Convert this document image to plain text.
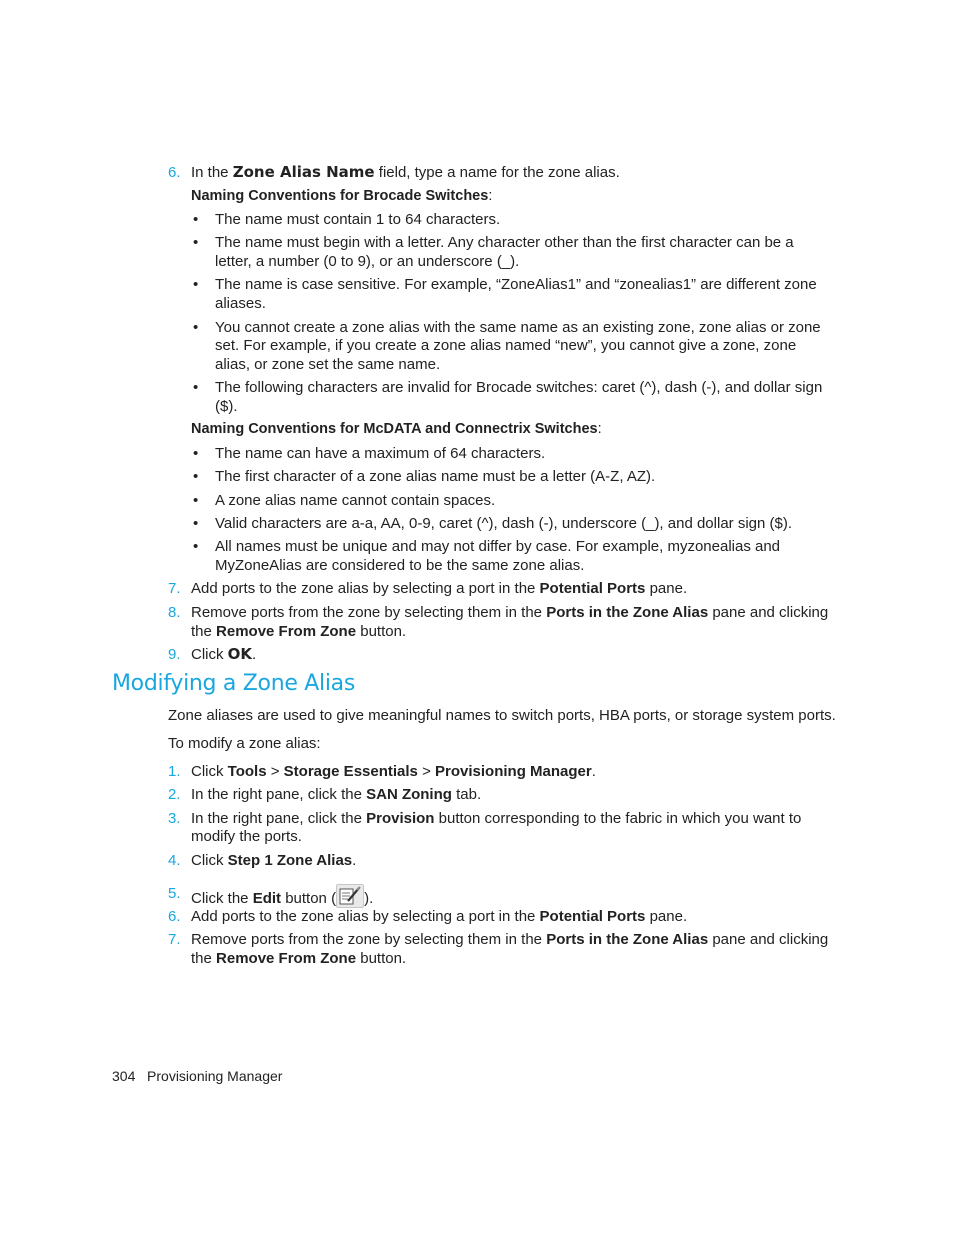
6. In the Zone Alias Name field, type a name for the zone alias.
Naming Conventions for Brocade Switches:
• The name must contain 1 to 64 characters.
• The name must begin with a letter. Any character other than the first character can be a
letter, a number (0 to 9), or an underscore (_).
• The name is case sensitive. For example, “ZoneAlias1” and “zonealias1” are different zone
aliases.
• You cannot create a zone alias with the same name as an existing zone, zone alias or zone
set. For example, if you create a zone alias named “new”, you cannot give a zone, zone
alias, or zone set the same name.
• The following characters are invalid for Brocade switches: caret (^), dash (-), and dollar sign
($).
Naming Conventions for McDATA and Connectrix Switches:
• The name can have a maximum of 64 characters.
• The first character of a zone alias name must be a letter (A-Z, AZ).
• A zone alias name cannot contain spaces.
• Valid characters are a-a, AA, 0-9, caret (^), dash (-), underscore (_), and dollar sign ($).
• All names must be unique and may not differ by case. For example, myzonealias and
MyZoneAlias are considered to be the same zone alias.
7. Add ports to the zone alias by selecting a port in the Potential Ports pane.
8. Remove ports from the zone by selecting them in the Ports in the Zone Alias pane and clicking
the Remove From Zone button.
9. Click OK.
Modifying a Zone Alias
Zone aliases are used to give meaningful names to switch ports, HBA ports, or storage system ports.
To modify a zone alias:
1. Click Tools > Storage Essentials > Provisioning Manager.
2. In the right pane, click the SAN Zoning tab.
3. In the right pane, click the Provision button corresponding to the fabric in which you want to
modify the ports.
4. Click Step 1 Zone Alias.
5. Click the Edit button ( ).
6. Add ports to the zone alias by selecting a port in the Potential Ports pane.
7. Remove ports from the zone by selecting them in the Ports in the Zone Alias pane and clicking
the Remove From Zone button.
304 Provisioning Manager
